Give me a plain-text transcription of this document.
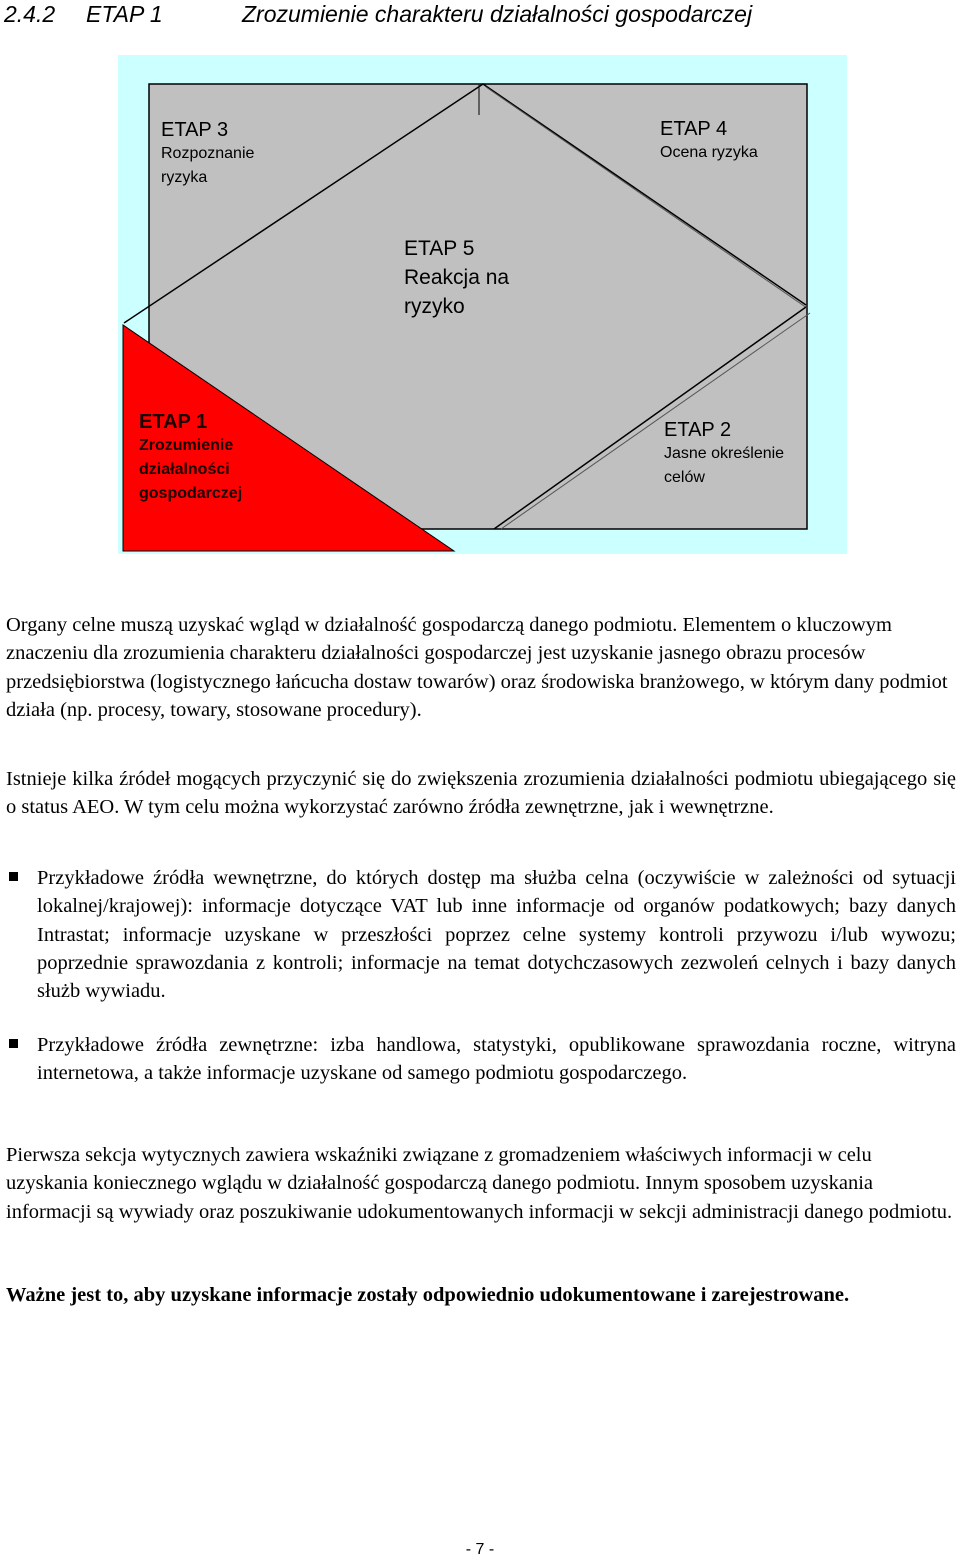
2.4.2 ETAP 1	Zrozumienie charakteru działalności gospodarczej
ETAP 3
Rozpoznanie
ryzyka
ETAP 4
Ocena ryzyka
ETAP 5
Reakcja na
ryzyko
ETAP 1
Zrozumienie
działalności
gospodarczej
ETAP 2
Jasne określenie
celów

Organy celne muszą uzyskać wgląd w działalność gospodarczą danego podmiotu. Elementem o kluczowym znaczeniu dla zrozumienia charakteru działalności gospodarczej jest uzyskanie jasnego obrazu procesów przedsiębiorstwa (logistycznego łańcucha dostaw towarów) oraz środowiska branżowego, w którym dany podmiot działa (np. procesy, towary, stosowane procedury).

Istnieje kilka źródeł mogących przyczynić się do zwiększenia zrozumienia działalności podmiotu ubiegającego się o status AEO. W tym celu można wykorzystać zarówno źródła zewnętrzne, jak i wewnętrzne.

Przykładowe źródła wewnętrzne, do których dostęp ma służba celna (oczywiście w zależności od sytuacji lokalnej/krajowej): informacje dotyczące VAT lub inne informacje od organów podatkowych; bazy danych Intrastat; informacje uzyskane w przeszłości poprzez celne systemy kontroli przywozu i/lub wywozu; poprzednie sprawozdania z kontroli; informacje na temat dotychczasowych zezwoleń celnych i bazy danych służb wywiadu.
Przykładowe źródła zewnętrzne: izba handlowa, statystyki, opublikowane sprawozdania roczne, witryna internetowa, a także informacje uzyskane od samego podmiotu gospodarczego.

Pierwsza sekcja wytycznych zawiera wskaźniki związane z gromadzeniem właściwych informacji w celu uzyskania koniecznego wglądu w działalność gospodarczą danego podmiotu. Innym sposobem uzyskania informacji są wywiady oraz poszukiwanie udokumentowanych informacji w sekcji administracji danego podmiotu.

Ważne jest to, aby uzyskane informacje zostały odpowiednio udokumentowane i zarejestrowane.

- 7 -
